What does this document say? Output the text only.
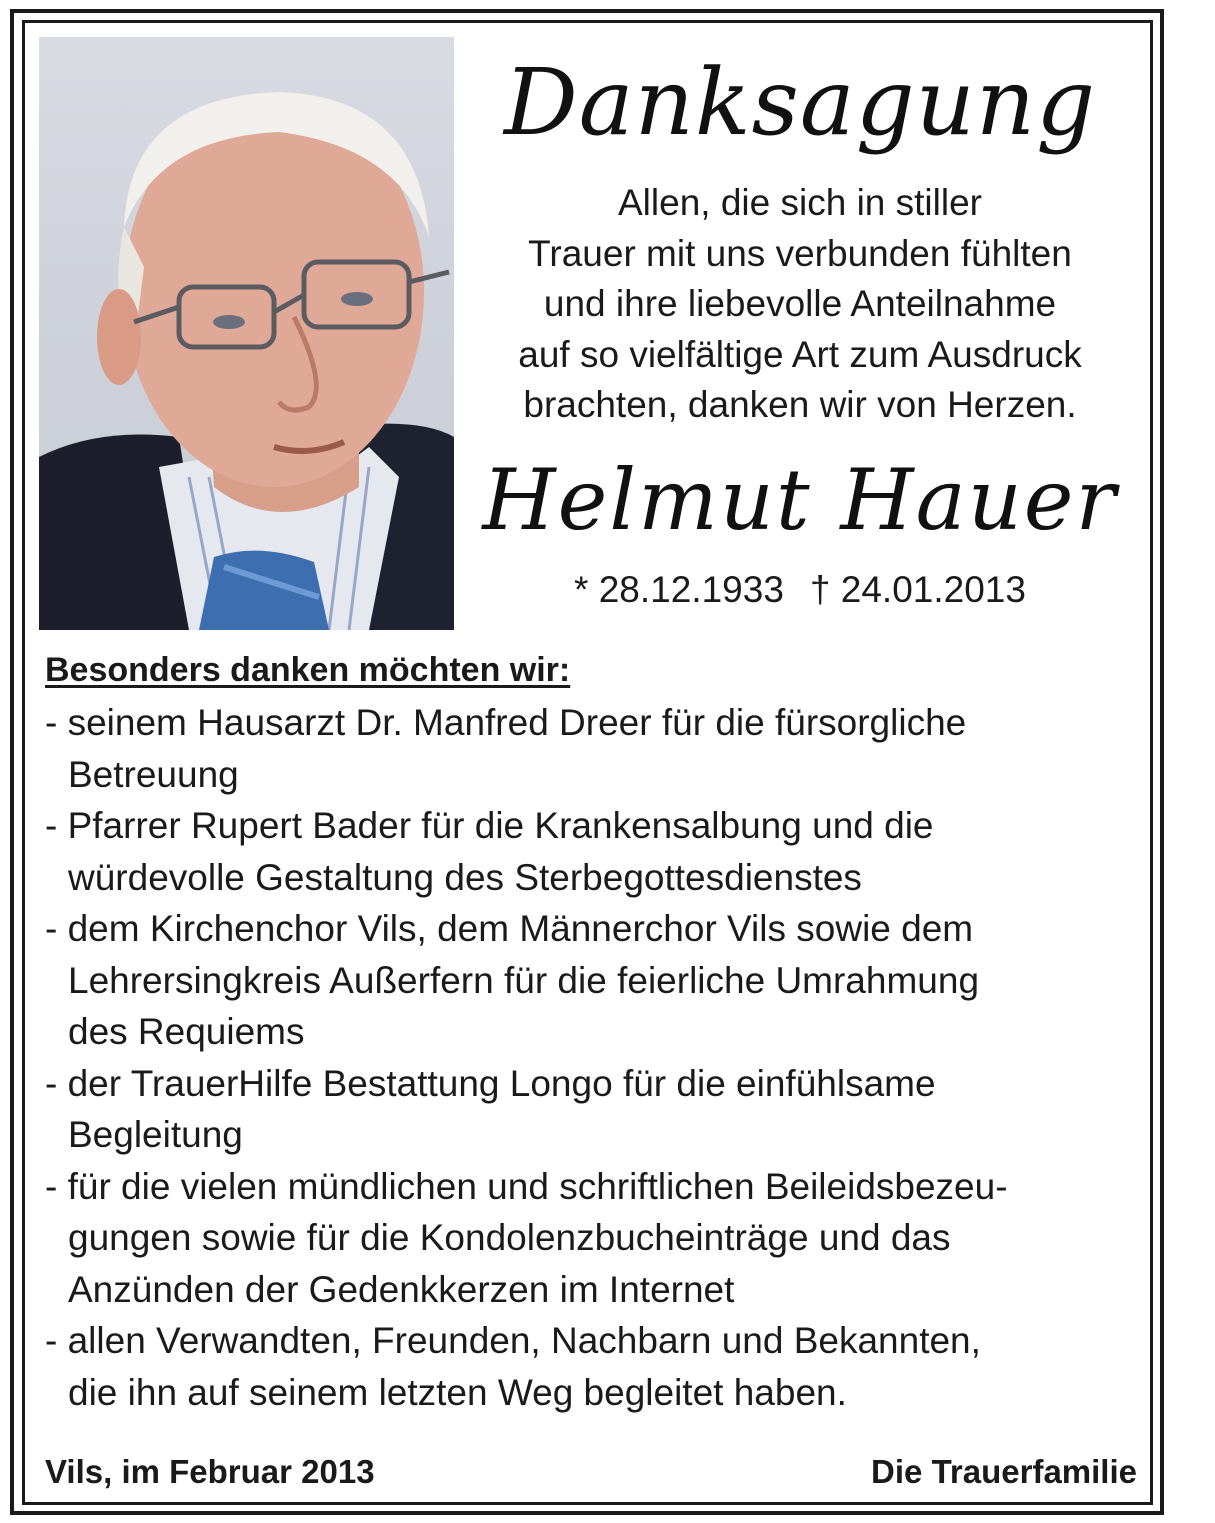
Danksagung
Allen, die sich in stiller
Trauer mit uns verbunden fühlten
und ihre liebevolle Anteilnahme
auf so vielfältige Art zum Ausdruck
brachten, danken wir von Herzen.
Helmut Hauer
* 28.12.1933 † 24.01.2013
Besonders danken möchten wir:
- seinem Hausarzt Dr. Manfred Dreer für die fürsorgliche
Betreuung
- Pfarrer Rupert Bader für die Krankensalbung und die
würdevolle Gestaltung des Sterbegottesdienstes
- dem Kirchenchor Vils, dem Männerchor Vils sowie dem
Lehrersingkreis Außerfern für die feierliche Umrahmung
des Requiems
- der TrauerHilfe Bestattung Longo für die einfühlsame
Begleitung
- für die vielen mündlichen und schriftlichen Beileidsbezeu-
gungen sowie für die Kondolenzbucheinträge und das
Anzünden der Gedenkkerzen im Internet
- allen Verwandten, Freunden, Nachbarn und Bekannten,
die ihn auf seinem letzten Weg begleitet haben.
Vils, im Februar 2013	Die Trauerfamilie
